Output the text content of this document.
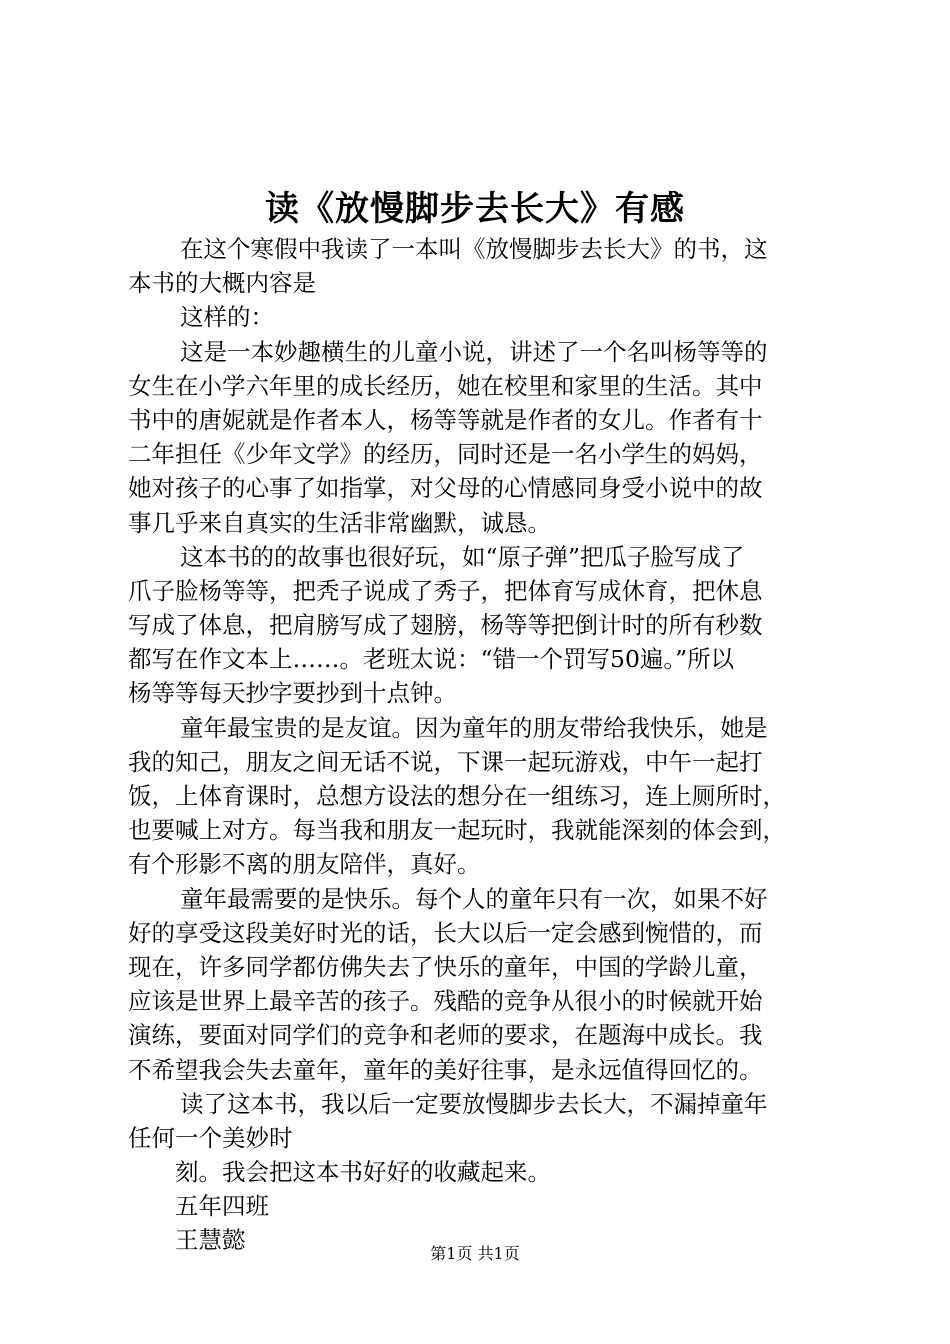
读《放慢脚步去长大》有感
在这个寒假中我读了一本叫《放慢脚步去长大》的书，这
本书的大概内容是
这样的：
这是一本妙趣横生的儿童小说，讲述了一个名叫杨等等的
女生在小学六年里的成长经历，她在校里和家里的生活。其中
书中的唐妮就是作者本人，杨等等就是作者的女儿。作者有十
二年担任《少年文学》的经历，同时还是一名小学生的妈妈，
她对孩子的心事了如指掌，对父母的心情感同身受小说中的故
事几乎来自真实的生活非常幽默，诚恳。
这本书的的故事也很好玩，如“原子弹”把瓜子脸写成了
爪子脸杨等等，把秃子说成了秀子，把体育写成休育，把休息
写成了体息，把肩膀写成了翅膀，杨等等把倒计时的所有秒数
都写在作文本上……。老班太说：“错一个罚写50遍。”所以
杨等等每天抄字要抄到十点钟。
童年最宝贵的是友谊。因为童年的朋友带给我快乐，她是
我的知己，朋友之间无话不说，下课一起玩游戏，中午一起打
饭，上体育课时，总想方设法的想分在一组练习，连上厕所时，
也要喊上对方。每当我和朋友一起玩时，我就能深刻的体会到，
有个形影不离的朋友陪伴，真好。
童年最需要的是快乐。每个人的童年只有一次，如果不好
好的享受这段美好时光的话，长大以后一定会感到惋惜的，而
现在，许多同学都仿佛失去了快乐的童年，中国的学龄儿童，
应该是世界上最辛苦的孩子。残酷的竞争从很小的时候就开始
演练，要面对同学们的竞争和老师的要求，在题海中成长。我
不希望我会失去童年，童年的美好往事，是永远值得回忆的。
读了这本书，我以后一定要放慢脚步去长大，不漏掉童年
任何一个美妙时
刻。我会把这本书好好的收藏起来。
五年四班
王慧懿	第1页 共1页
